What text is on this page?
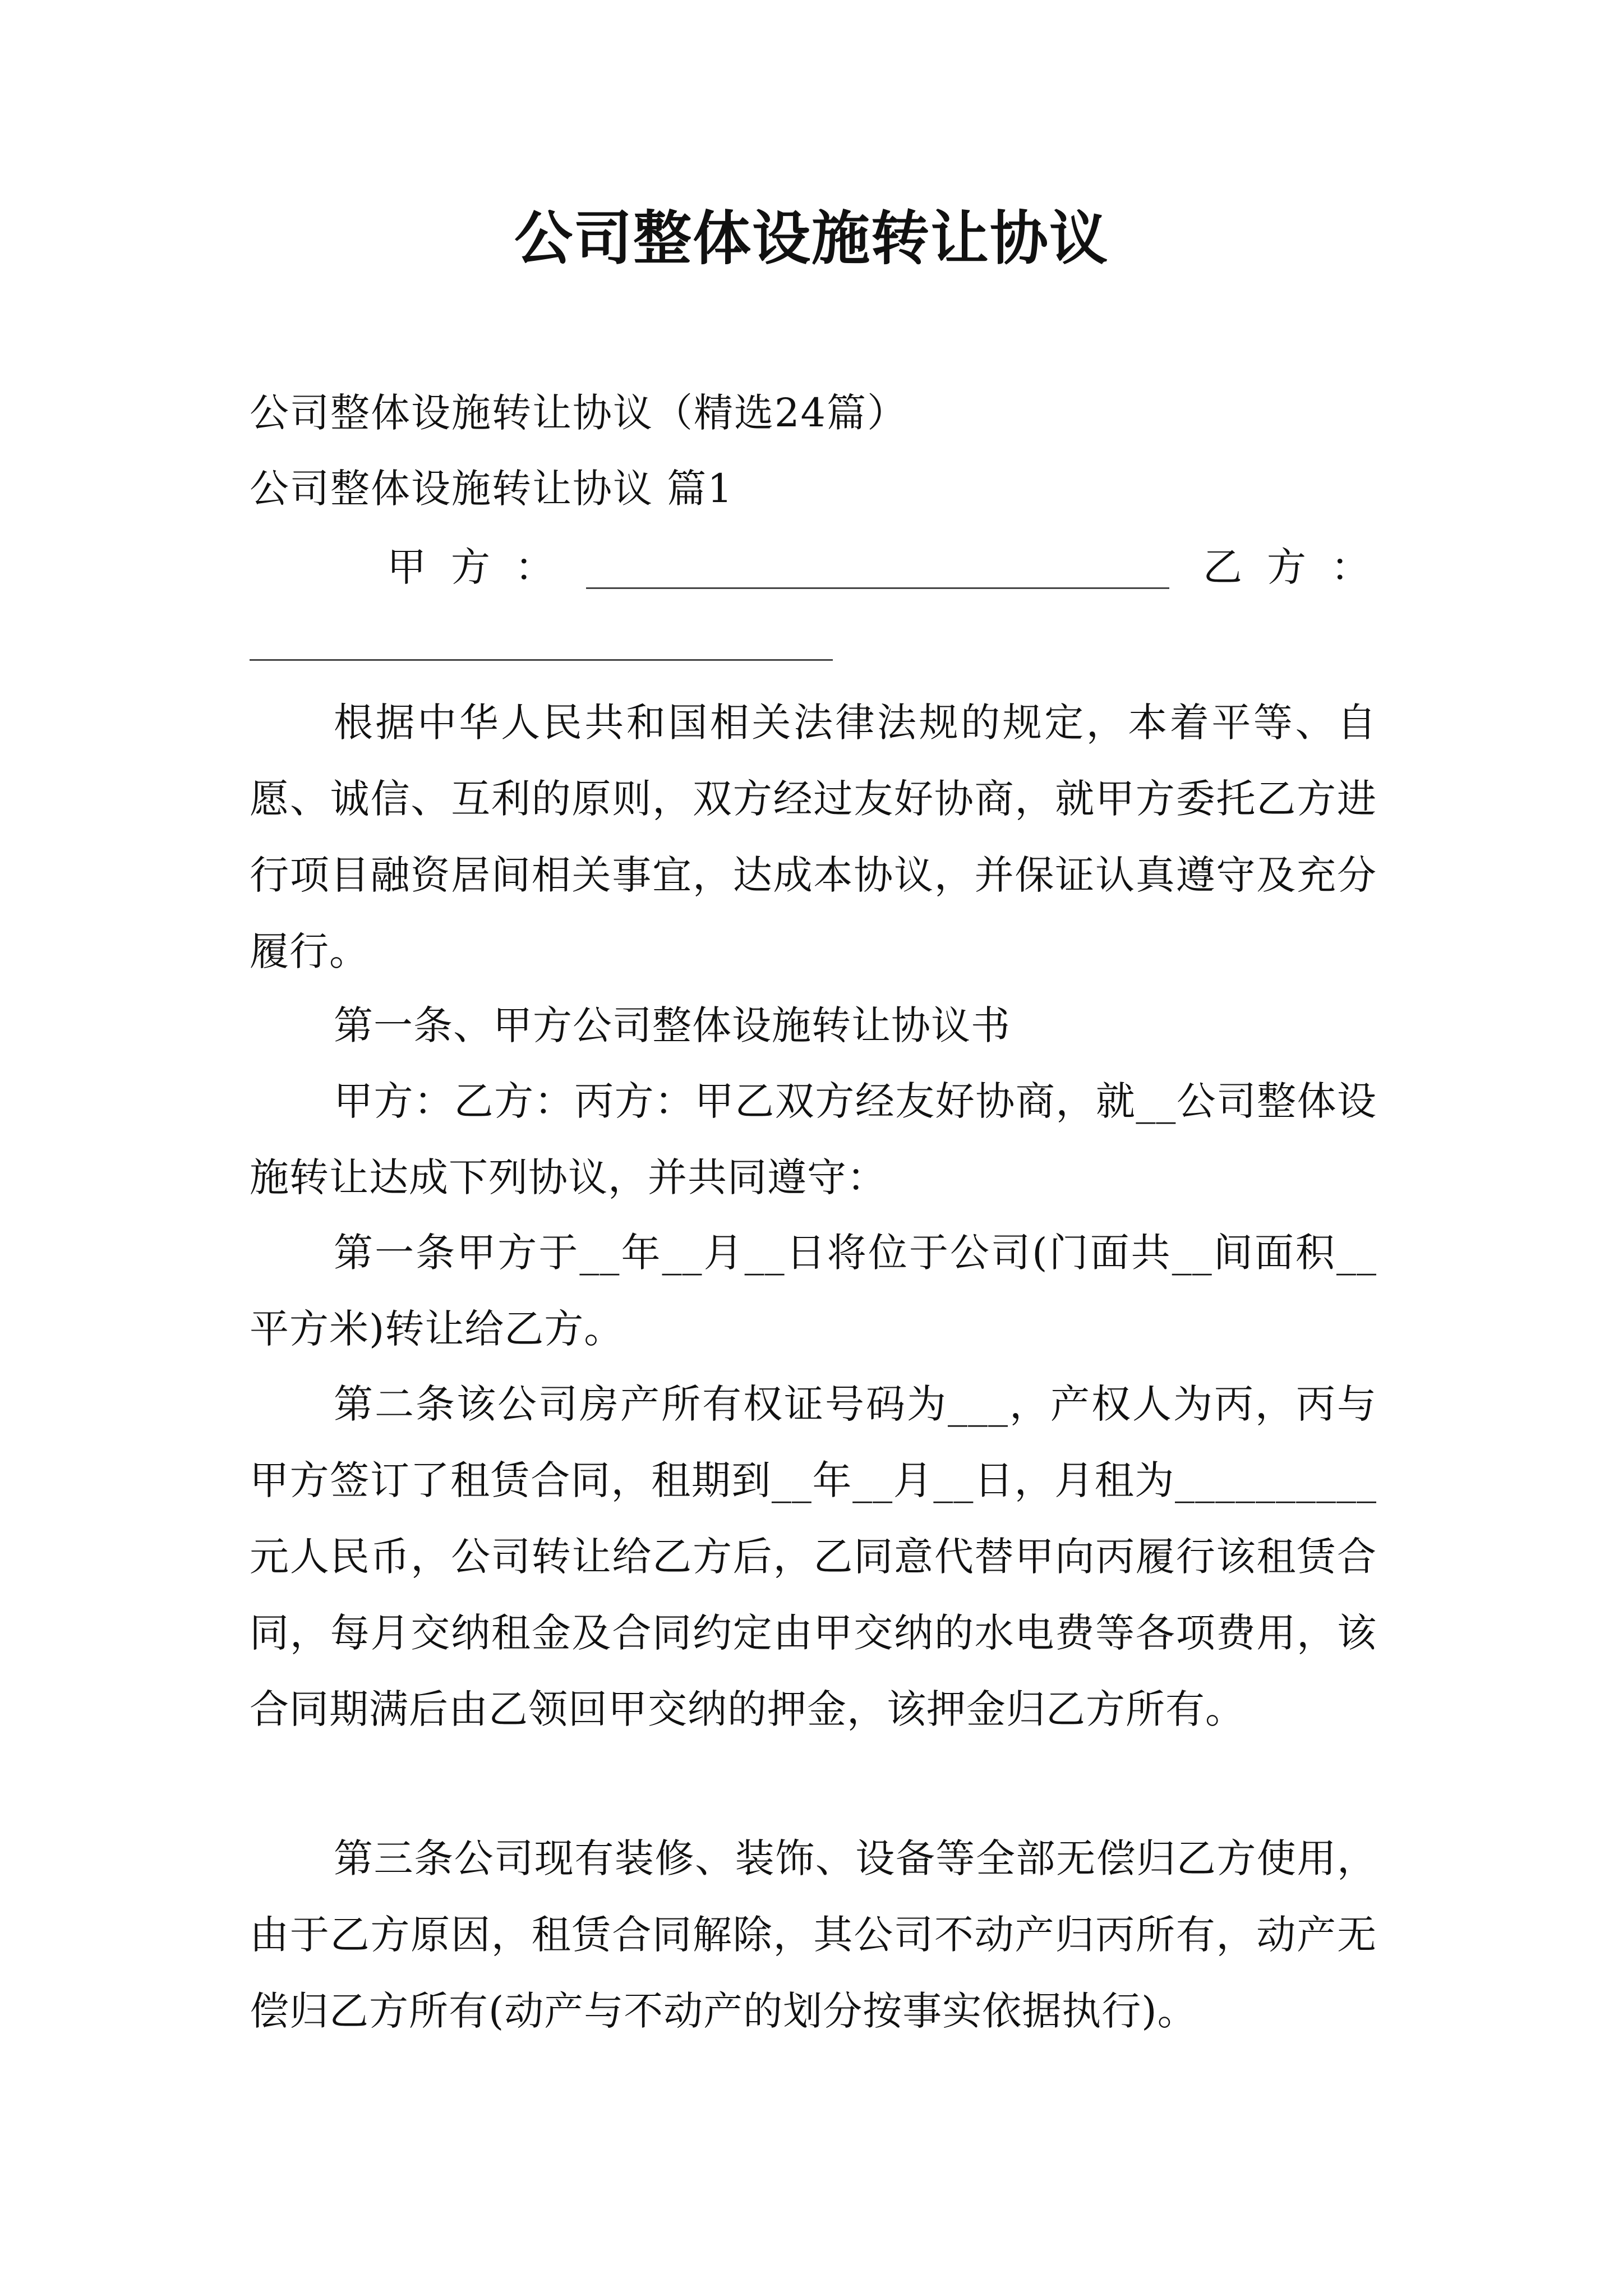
公司整体设施转让协议
公司整体设施转让协议（精选24篇）
公司整体设施转让协议 篇1
甲方：	乙方：

根据中华人民共和国相关法律法规的规定，本着平等、自愿、诚信、互利的原则，双方经过友好协商，就甲方委托乙方进行项目融资居间相关事宜，达成本协议，并保证认真遵守及充分履行。

第一条、甲方公司整体设施转让协议书

甲方：乙方：丙方：甲乙双方经友好协商，就__公司整体设施转让达成下列协议，并共同遵守：

第一条甲方于__年__月__日将位于公司(门面共__间面积__平方米)转让给乙方。

第二条该公司房产所有权证号码为___，产权人为丙，丙与甲方签订了租赁合同，租期到__年__月__日，月租为__________元人民币，公司转让给乙方后，乙同意代替甲向丙履行该租赁合同，每月交纳租金及合同约定由甲交纳的水电费等各项费用，该合同期满后由乙领回甲交纳的押金，该押金归乙方所有。

第三条公司现有装修、装饰、设备等全部无偿归乙方使用，由于乙方原因，租赁合同解除，其公司不动产归丙所有，动产无偿归乙方所有(动产与不动产的划分按事实依据执行)。
